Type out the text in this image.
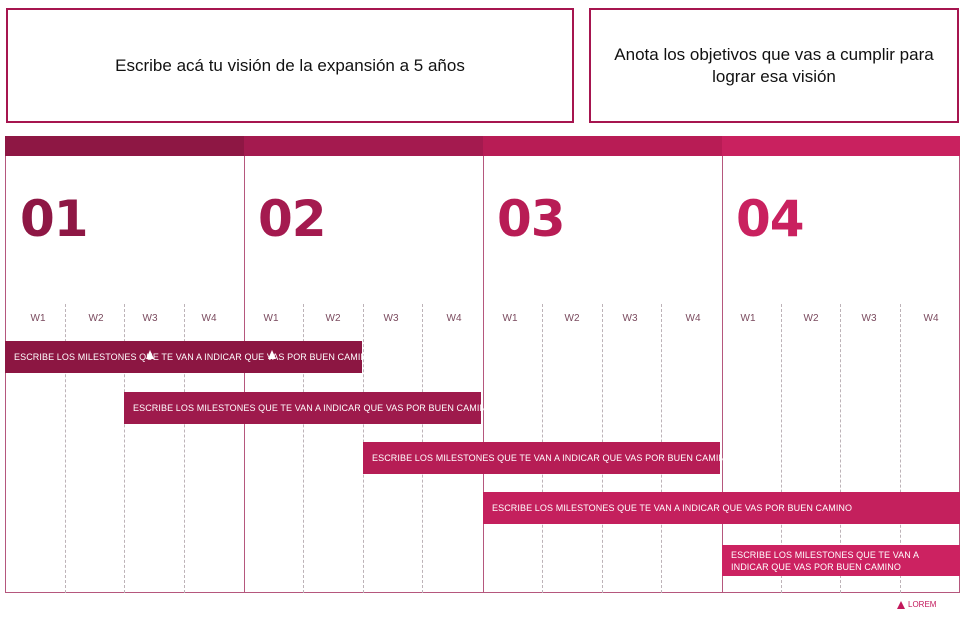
Escribe acá tu visión de la expansión a 5 años
Anota los objetivos que vas a cumplir para lograr esa visión
01	02	03	04
W1	W2	W3	W4	W1	W2	W3	W4	W1	W2	W3	W4	W1	W2	W3	W4
ESCRIBE LOS MILESTONES QUE TE VAN A INDICAR QUE VAS POR BUEN CAMINO
ESCRIBE LOS MILESTONES QUE TE VAN A INDICAR QUE VAS POR BUEN CAMINO
ESCRIBE LOS MILESTONES QUE TE VAN A INDICAR QUE VAS POR BUEN CAMINO
ESCRIBE LOS MILESTONES QUE TE VAN A INDICAR QUE VAS POR BUEN CAMINO
ESCRIBE LOS MILESTONES QUE TE VAN A INDICAR QUE VAS POR BUEN CAMINO
LOREM
